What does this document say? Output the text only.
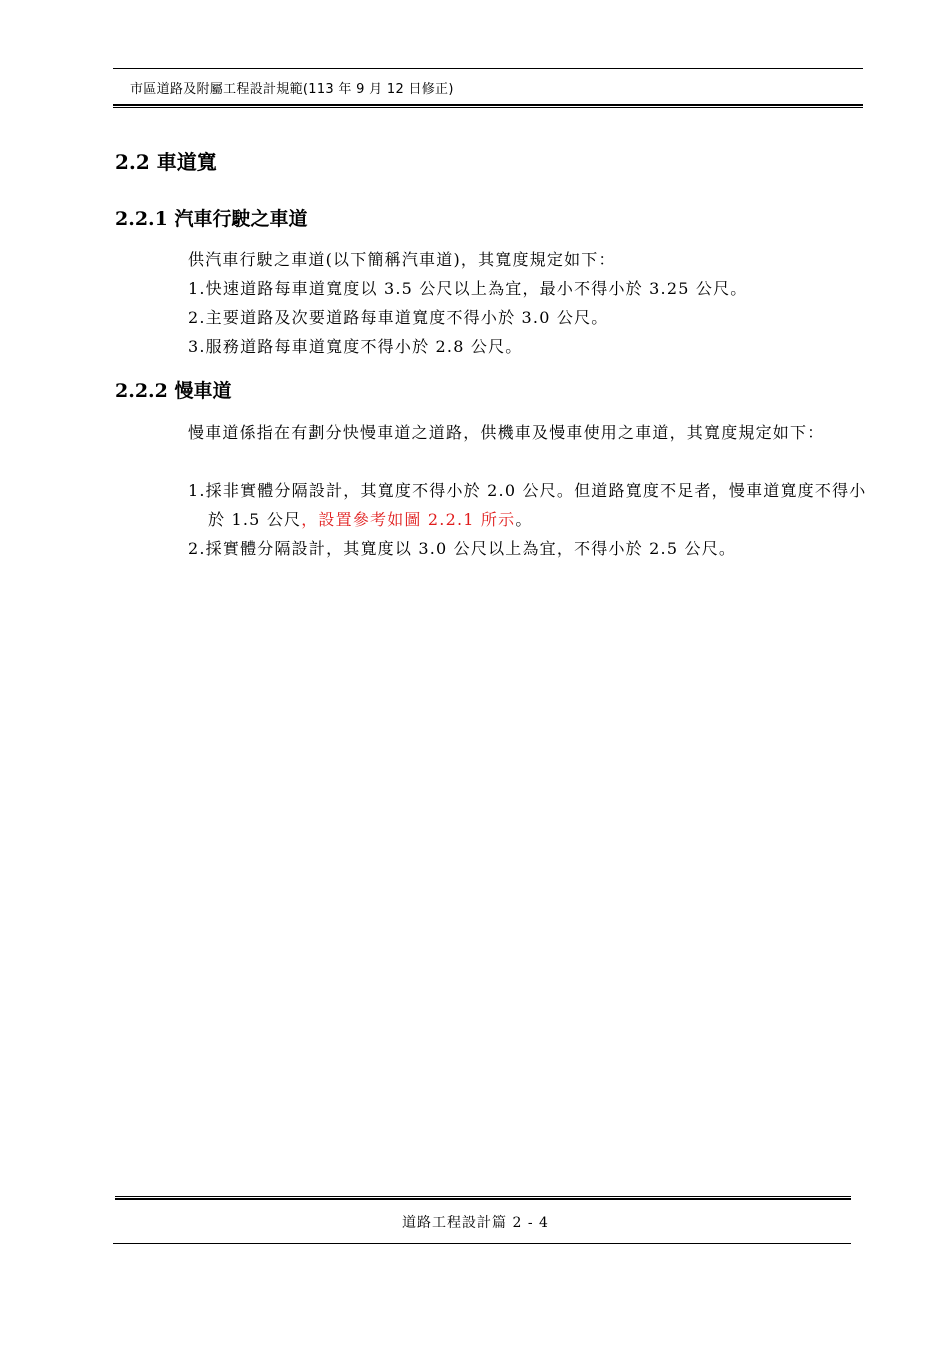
市區道路及附屬工程設計規範(113 年 9 月 12 日修正)
2.2 車道寬
2.2.1 汽車行駛之車道
供汽車行駛之車道(以下簡稱汽車道)，其寬度規定如下：
1.快速道路每車道寬度以 3.5 公尺以上為宜，最小不得小於 3.25 公尺。
2.主要道路及次要道路每車道寬度不得小於 3.0 公尺。
3.服務道路每車道寬度不得小於 2.8 公尺。
2.2.2 慢車道
慢車道係指在有劃分快慢車道之道路，供機車及慢車使用之車道，其寬度規定如下：
1.採非實體分隔設計，其寬度不得小於 2.0 公尺。但道路寬度不足者，慢車道寬度不得小於 1.5 公尺，設置參考如圖 2.2.1 所示。
2.採實體分隔設計，其寬度以 3.0 公尺以上為宜，不得小於 2.5 公尺。
道路工程設計篇 2 - 4
